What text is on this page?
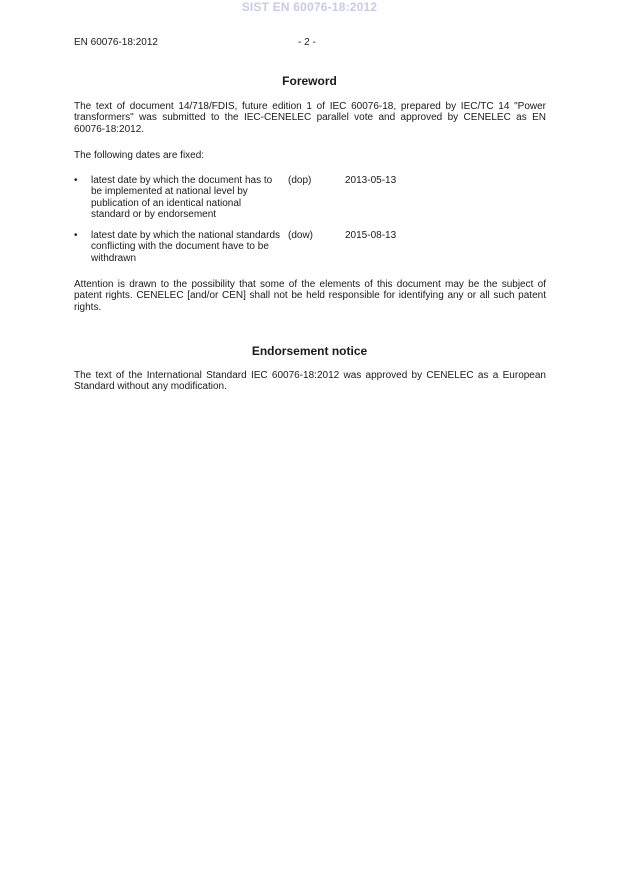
SIST EN 60076-18:2012
EN 60076-18:2012	- 2 -
Foreword
The text of document 14/718/FDIS, future edition 1 of IEC 60076-18, prepared by IEC/TC 14 "Power transformers" was submitted to the IEC-CENELEC parallel vote and approved by CENELEC as EN 60076-18:2012.
The following dates are fixed:
• latest date by which the document has to be implemented at national level by publication of an identical national standard or by endorsement
(dop)	2013-05-13
• latest date by which the national standards conflicting with the document have to be withdrawn
(dow)	2015-08-13
Attention is drawn to the possibility that some of the elements of this document may be the subject of patent rights. CENELEC [and/or CEN] shall not be held responsible for identifying any or all such patent rights.
Endorsement notice
The text of the International Standard IEC 60076-18:2012 was approved by CENELEC as a European Standard without any modification.
